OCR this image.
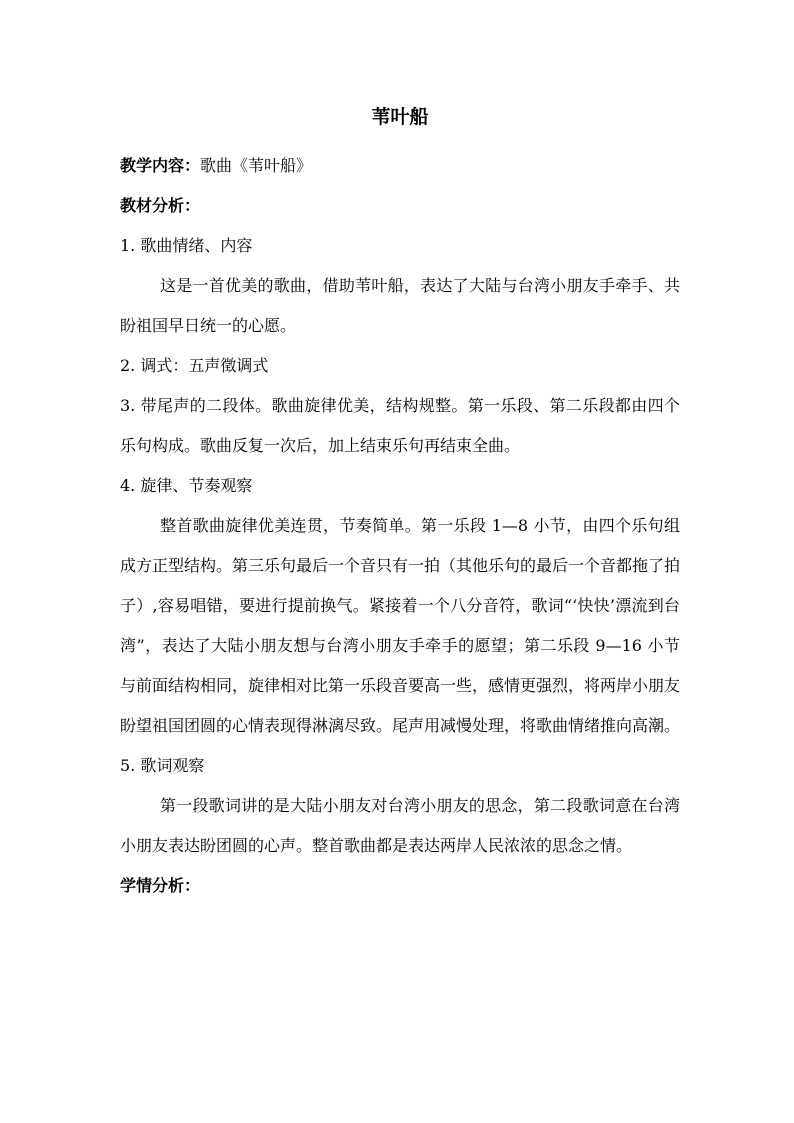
苇叶船

教学内容：歌曲《苇叶船》

教材分析：

1. 歌曲情绪、内容

这是一首优美的歌曲，借助苇叶船，表达了大陆与台湾小朋友手牵手、共盼祖国早日统一的心愿。

2. 调式：五声徵调式

3. 带尾声的二段体。歌曲旋律优美，结构规整。第一乐段、第二乐段都由四个乐句构成。歌曲反复一次后，加上结束乐句再结束全曲。

4. 旋律、节奏观察

整首歌曲旋律优美连贯，节奏简单。第一乐段 1—8 小节，由四个乐句组成方正型结构。第三乐句最后一个音只有一拍（其他乐句的最后一个音都拖了拍子）,容易唱错，要进行提前换气。紧接着一个八分音符，歌词“‘快快’漂流到台湾”，表达了大陆小朋友想与台湾小朋友手牵手的愿望；第二乐段 9—16 小节与前面结构相同，旋律相对比第一乐段音要高一些，感情更强烈，将两岸小朋友盼望祖国团圆的心情表现得淋漓尽致。尾声用减慢处理，将歌曲情绪推向高潮。

5. 歌词观察

第一段歌词讲的是大陆小朋友对台湾小朋友的思念，第二段歌词意在台湾小朋友表达盼团圆的心声。整首歌曲都是表达两岸人民浓浓的思念之情。

学情分析：
